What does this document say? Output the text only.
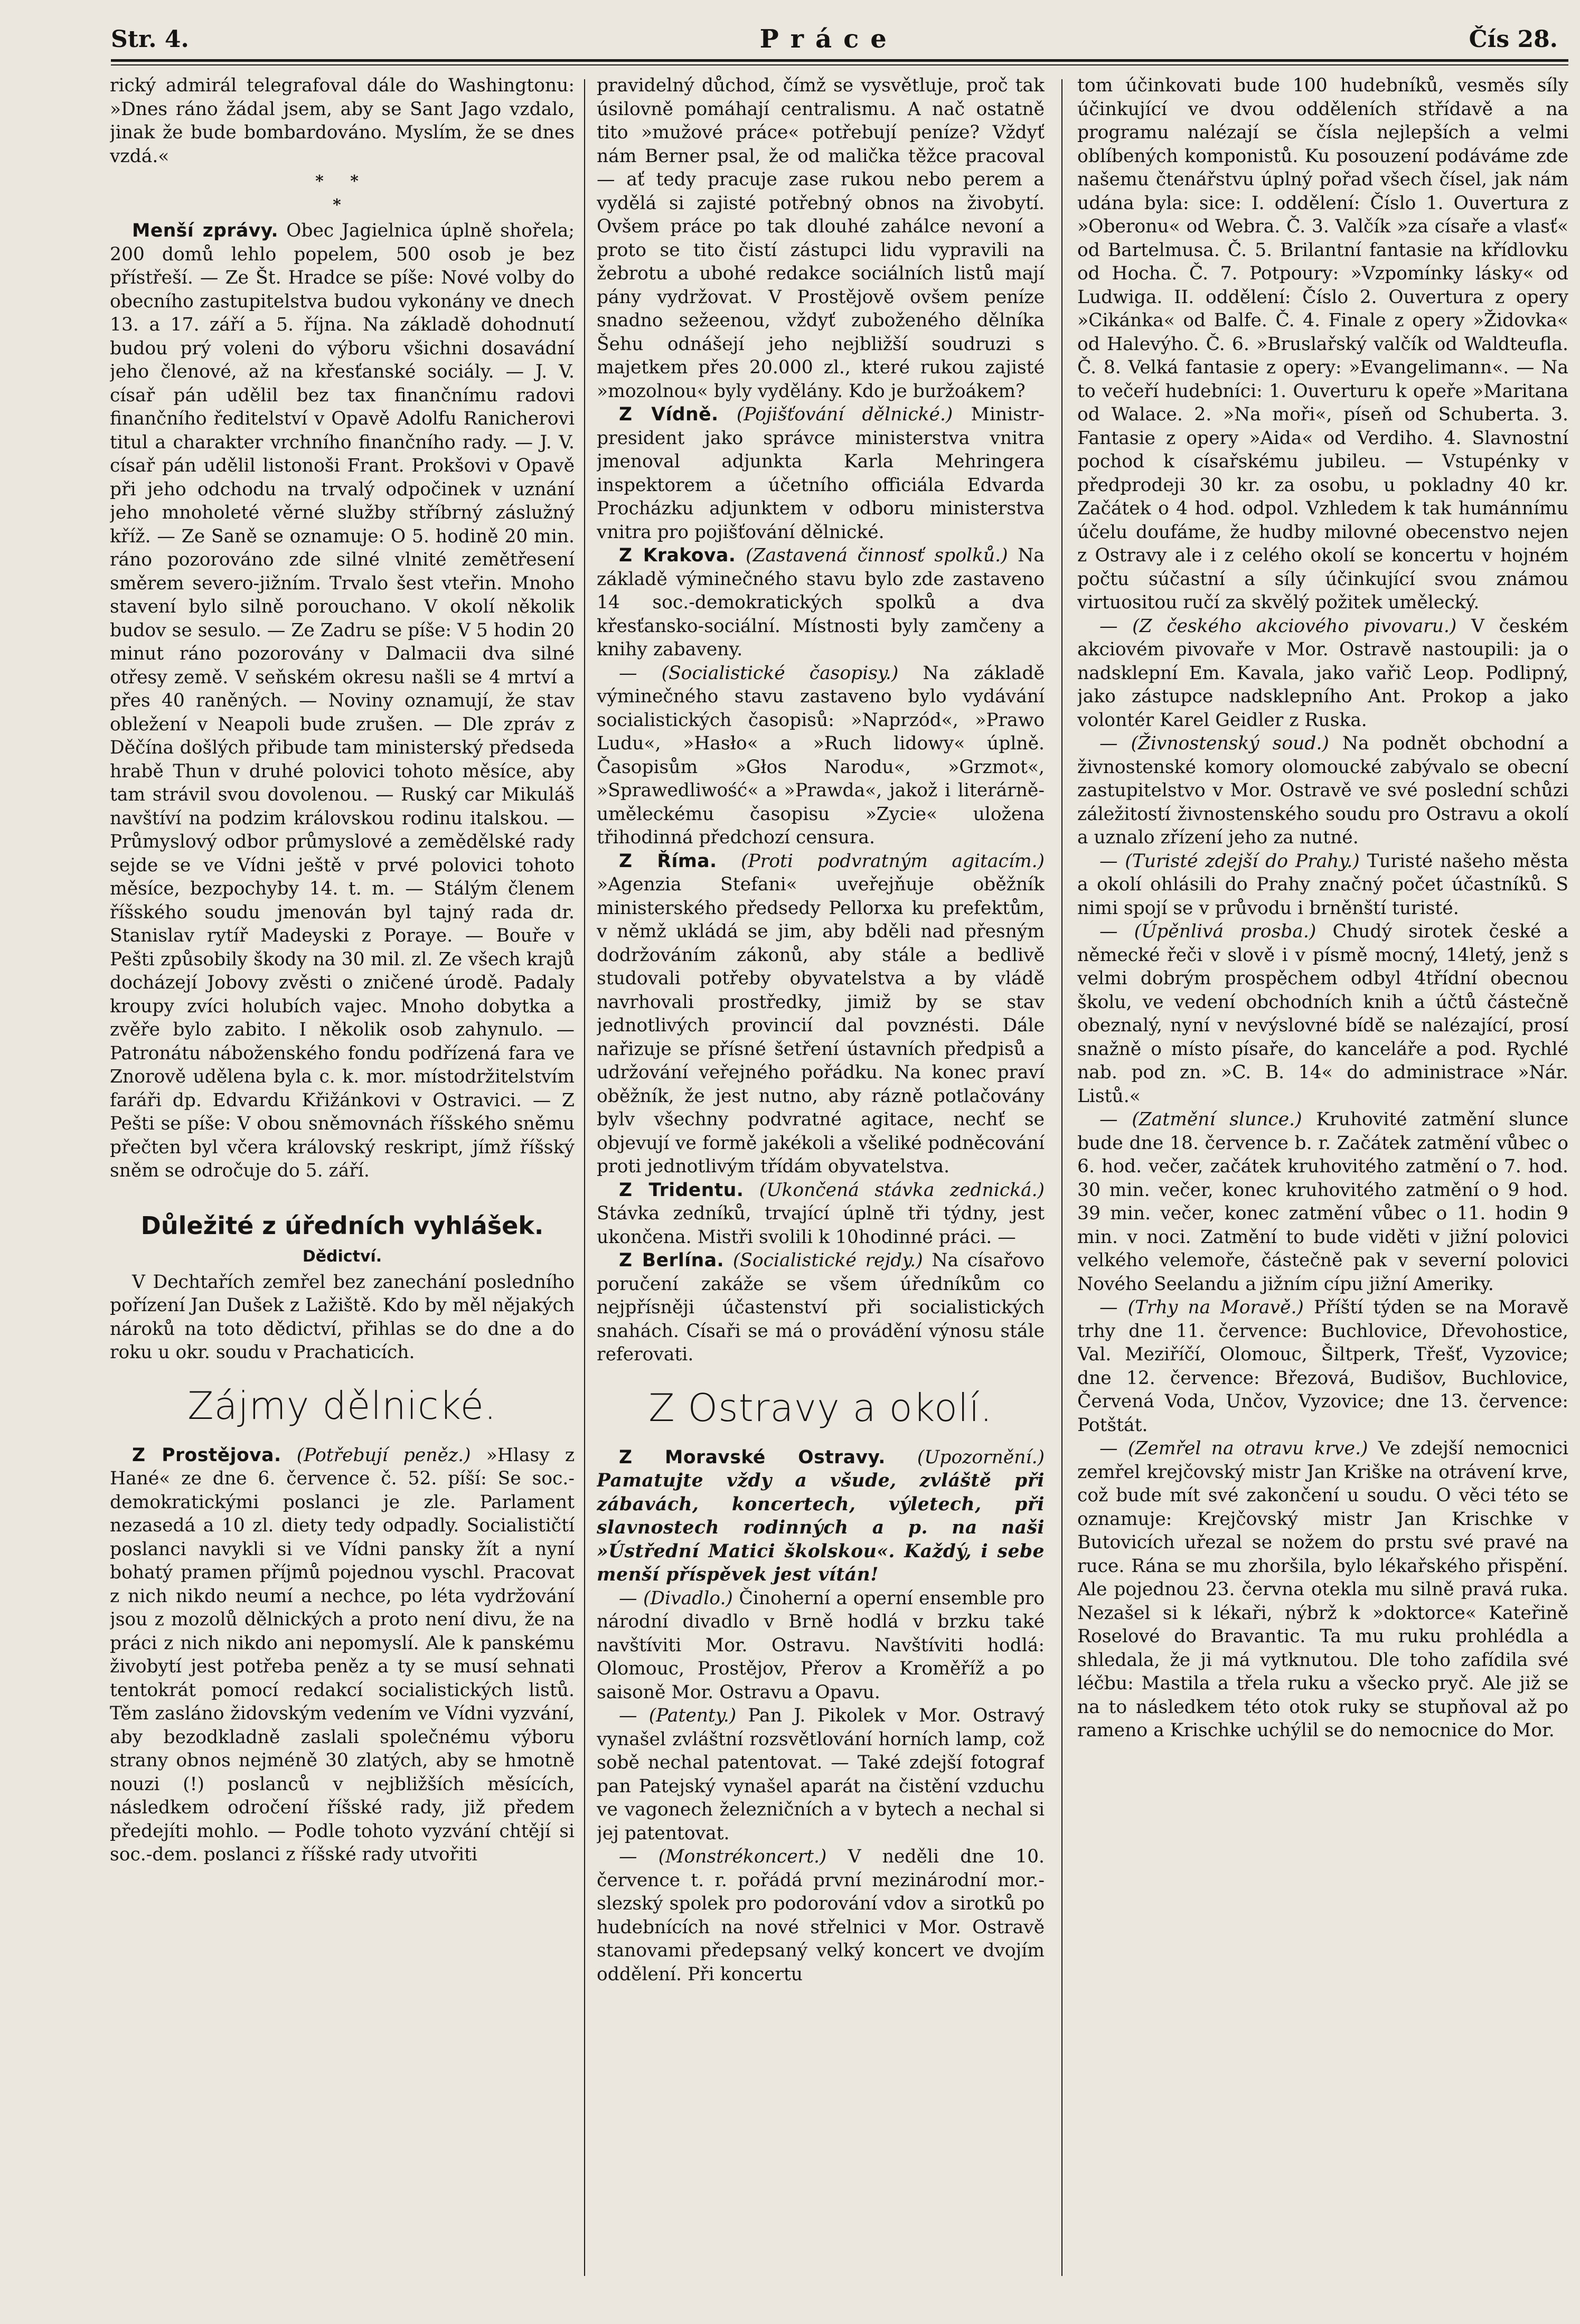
Str. 4.	Práce	Čís 28.

rický admirál telegrafoval dále do Washingtonu: »Dnes ráno žádal jsem, aby se Sant Jago vzdalo, jinak že bude bombardováno. Myslím, že se dnes vzdá.«

* *
*

Menší zprávy. Obec Jagielnica úplně shořela; 200 domů lehlo popelem, 500 osob je bez přístřeší. — Ze Št. Hradce se píše: Nové volby do obecního zastupitelstva budou vykonány ve dnech 13. a 17. září a 5. října. Na základě dohodnutí budou prý voleni do výboru všichni dosavádní jeho členové, až na křesťanské sociály. — J. V. císař pán udělil bez tax finančnímu radovi finančního ředitelství v Opavě Adolfu Ranicherovi titul a charakter vrchního finančního rady. — J. V. císař pán udělil listonoši Frant. Prokšovi v Opavě při jeho odchodu na trvalý odpočinek v uznání jeho mnoholeté věrné služby stříbrný záslužný kříž. — Ze Saně se oznamuje: O 5. hodině 20 min. ráno pozorováno zde silné vlnité zemětřesení směrem severo-jižním. Trvalo šest vteřin. Mnoho stavení bylo silně porouchano. V okolí několik budov se sesulo. — Ze Zadru se píše: V 5 hodin 20 minut ráno pozorovány v Dalmacii dva silné otřesy země. V seňském okresu našli se 4 mrtví a přes 40 raněných. — Noviny oznamují, že stav obležení v Neapoli bude zrušen. — Dle zpráv z Děčína došlých přibude tam ministerský předseda hrabě Thun v druhé polovici tohoto měsíce, aby tam strávil svou dovolenou. — Ruský car Mikuláš navštíví na podzim královskou rodinu italskou. — Průmyslový odbor průmyslové a zemědělské rady sejde se ve Vídni ještě v prvé polovici tohoto měsíce, bezpochyby 14. t. m. — Stálým členem říšského soudu jmenován byl tajný rada dr. Stanislav rytíř Madeyski z Poraye. — Bouře v Pešti způsobily škody na 30 mil. zl. Ze všech krajů docházejí Jobovy zvěsti o zničené úrodě. Padaly kroupy zvíci holubích vajec. Mnoho dobytka a zvěře bylo zabito. I několik osob zahynulo. — Patronátu náboženského fondu podřízená fara ve Znorově udělena byla c. k. mor. místodržitelstvím faráři dp. Edvardu Křižánkovi v Ostravici. — Z Pešti se píše: V obou sněmovnách říšského sněmu přečten byl včera královský reskript, jímž říšský sněm se odročuje do 5. září.

Důležité z úředních vyhlášek.
Dědictví.

V Dechtařích zemřel bez zanechání posledního pořízení Jan Dušek z Lažiště. Kdo by měl nějakých nároků na toto dědictví, přihlas se do dne a do roku u okr. soudu v Prachaticích.

Zájmy dělnické.

Z Prostějova. (Potřebují peněz.) »Hlasy z Hané« ze dne 6. července č. 52. píší: Se soc.-demokratickými poslanci je zle. Parlament nezasedá a 10 zl. diety tedy odpadly. Socialističtí poslanci navykli si ve Vídni pansky žít a nyní bohatý pramen příjmů pojednou vyschl. Pracovat z nich nikdo neumí a nechce, po léta vydržování jsou z mozolů dělnických a proto není divu, že na práci z nich nikdo ani nepomyslí. Ale k panskému živobytí jest potřeba peněz a ty se musí sehnati tentokrát pomocí redakcí socialistických listů. Těm zasláno židovským vedením ve Vídni vyzvání, aby bezodkladně zaslali společnému výboru strany obnos nejméně 30 zlatých, aby se hmotně nouzi (!) poslanců v nejbližších měsících, následkem odročení říšské rady, již předem předejíti mohlo. — Podle tohoto vyzvání chtějí si soc.-dem. poslanci z říšské rady utvořiti

pravidelný důchod, čímž se vysvětluje, proč tak úsilovně pomáhají centralismu. A nač ostatně tito »mužové práce« potřebují peníze? Vždyť nám Berner psal, že od malička těžce pracoval — ať tedy pracuje zase rukou nebo perem a vydělá si zajisté potřebný obnos na živobytí. Ovšem práce po tak dlouhé zahálce nevoní a proto se tito čistí zástupci lidu vypravili na žebrotu a ubohé redakce sociálních listů mají pány vydržovat. V Prostějově ovšem peníze snadno sežeenou, vždyť zuboženého dělníka Šehu odnášejí jeho nejbližší soudruzi s majetkem přes 20.000 zl., které rukou zajisté »mozolnou« byly vydělány. Kdo je buržoákem?

Z Vídně. (Pojišťování dělnické.) Ministr-president jako správce ministerstva vnitra jmenoval adjunkta Karla Mehringera inspektorem a účetního officiála Edvarda Procházku adjunktem v odboru ministerstva vnitra pro pojišťování dělnické.

Z Krakova. (Zastavená činnosť spolků.) Na základě výminečného stavu bylo zde zastaveno 14 soc.-demokratických spolků a dva křesťansko-sociální. Místnosti byly zamčeny a knihy zabaveny.

— (Socialistické časopisy.) Na základě výminečného stavu zastaveno bylo vydávání socialistických časopisů: »Naprzód«, »Prawo Ludu«, »Hasło« a »Ruch lidowy« úplně. Časopisům »Głos Narodu«, »Grzmot«, »Sprawedliwość« a »Prawda«, jakož i literárně-uměleckému časopisu »Zycie« uložena třihodinná předchozí censura.

Z Říma. (Proti podvratným agitacím.) »Agenzia Stefani« uveřejňuje oběžník ministerského předsedy Pellorxa ku prefektům, v němž ukládá se jim, aby bděli nad přesným dodržováním zákonů, aby stále a bedlivě studovali potřeby obyvatelstva a by vládě navrhovali prostředky, jimiž by se stav jednotlivých provincií dal povznésti. Dále nařizuje se přísné šetření ústavních předpisů a udržování veřejného pořádku. Na konec praví oběžník, že jest nutno, aby rázně potlačovány bylv všechny podvratné agitace, nechť se objevují ve formě jakékoli a všeliké podněcování proti jednotlivým třídám obyvatelstva.

Z Tridentu. (Ukončená stávka zednická.) Stávka zedníků, trvající úplně tři týdny, jest ukončena. Mistři svolili k 10hodinné práci. —

Z Berlína. (Socialistické rejdy.) Na císařovo poručení zakáže se všem úředníkům co nejpřísněji účastenství při socialistických snahách. Císaři se má o provádění výnosu stále referovati.

Z Ostravy a okolí.

Z Moravské Ostravy. (Upozornění.) Pamatujte vždy a všude, zvláště při zábavách, koncertech, výletech, při slavnostech rodinných a p. na naši »Ústřední Matici školskou«. Každý, i sebe menší příspěvek jest vítán!

— (Divadlo.) Činoherní a operní ensemble pro národní divadlo v Brně hodlá v brzku také navštíviti Mor. Ostravu. Navštíviti hodlá: Olomouc, Prostějov, Přerov a Kroměříž a po saisoně Mor. Ostravu a Opavu.

— (Patenty.) Pan J. Pikolek v Mor. Ostravý vynašel zvláštní rozsvětlování horních lamp, což sobě nechal patentovat. — Také zdejší fotograf pan Patejský vynašel aparát na čistění vzduchu ve vagonech železničních a v bytech a nechal si jej patentovat.

— (Monstrékoncert.) V neděli dne 10. července t. r. pořádá první mezinárodní mor.-slezský spolek pro podorování vdov a sirotků po hudebnících na nové střelnici v Mor. Ostravě stanovami předepsaný velký koncert ve dvojím oddělení. Při koncertu

tom účinkovati bude 100 hudebníků, vesměs síly účinkující ve dvou odděleních střídavě a na programu nalézají se čísla nejlepších a velmi oblíbených komponistů. Ku posouzení podáváme zde našemu čtenářstvu úplný pořad všech čísel, jak nám udána byla: sice: I. oddělení: Číslo 1. Ouvertura z »Oberonu« od Webra. Č. 3. Valčík »za císaře a vlasť« od Bartelmusa. Č. 5. Brilantní fantasie na křídlovku od Hocha. Č. 7. Potpoury: »Vzpomínky lásky« od Ludwiga. II. oddělení: Číslo 2. Ouvertura z opery »Cikánka« od Balfe. Č. 4. Finale z opery »Židovka« od Halevýho. Č. 6. »Bruslařský valčík od Waldteufla. Č. 8. Velká fantasie z opery: »Evangelimann«. — Na to večeří hudebníci: 1. Ouverturu k opeře »Maritana od Walace. 2. »Na moři«, píseň od Schuberta. 3. Fantasie z opery »Aida« od Verdiho. 4. Slavnostní pochod k císařskému jubileu. — Vstupénky v předprodeji 30 kr. za osobu, u pokladny 40 kr. Začátek o 4 hod. odpol. Vzhledem k tak humánnímu účelu doufáme, že hudby milovné obecenstvo nejen z Ostravy ale i z celého okolí se koncertu v hojném počtu súčastní a síly účinkující svou známou virtuositou ručí za skvělý požitek umělecký.

— (Z českého akciového pivovaru.) V českém akciovém pivovaře v Mor. Ostravě nastoupili: ja o nadsklepní Em. Kavala, jako vařič Leop. Podlipný, jako zástupce nadsklepního Ant. Prokop a jako volontér Karel Geidler z Ruska.

— (Živnostenský soud.) Na podnět obchodní a živnostenské komory olomoucké zabývalo se obecní zastupitelstvo v Mor. Ostravě ve své poslední schůzi záležitostí živnostenského soudu pro Ostravu a okolí a uznalo zřízení jeho za nutné.

— (Turisté zdejší do Prahy.) Turisté našeho města a okolí ohlásili do Prahy značný počet účastníků. S nimi spojí se v průvodu i brněnští turisté.

— (Úpěnlivá prosba.) Chudý sirotek české a německé řeči v slově i v písmě mocný, 14letý, jenž s velmi dobrým prospěchem odbyl 4třídní obecnou školu, ve vedení obchodních knih a účtů částečně obeznalý, nyní v nevýslovné bídě se nalézající, prosí snažně o místo písaře, do kanceláře a pod. Rychlé nab. pod zn. »C. B. 14« do administrace »Nár. Listů.«

— (Zatmění slunce.) Kruhovité zatmění slunce bude dne 18. července b. r. Začátek zatmění vůbec o 6. hod. večer, začátek kruhovitého zatmění o 7. hod. 30 min. večer, konec kruhovitého zatmění o 9 hod. 39 min. večer, konec zatmění vůbec o 11. hodin 9 min. v noci. Zatmění to bude viděti v jižní polovici velkého velemoře, částečně pak v severní polovici Nového Seelandu a jižním cípu jižní Ameriky.

— (Trhy na Moravě.) Příští týden se na Moravě trhy dne 11. července: Buchlovice, Dřevohostice, Val. Meziříčí, Olomouc, Šiltperk, Třešť, Vyzovice; dne 12. července: Březová, Budišov, Buchlovice, Červená Voda, Unčov, Vyzovice; dne 13. července: Potštát.

— (Zemřel na otravu krve.) Ve zdejší nemocnici zemřel krejčovský mistr Jan Kriške na otrávení krve, což bude mít své zakončení u soudu. O věci této se oznamuje: Krejčovský mistr Jan Krischke v Butovicích uřezal se nožem do prstu své pravé na ruce. Rána se mu zhoršila, bylo lékařského přispění. Ale pojednou 23. června otekla mu silně pravá ruka. Nezašel si k lékaři, nýbrž k »doktorce« Kateřině Roselové do Bravantic. Ta mu ruku prohlédla a shledala, že ji má vytknutou. Dle toho zafídila své léčbu: Mastila a třela ruku a všecko pryč. Ale již se na to následkem této otok ruky se stupňoval až po rameno a Krischke uchýlil se do nemocnice do Mor.
